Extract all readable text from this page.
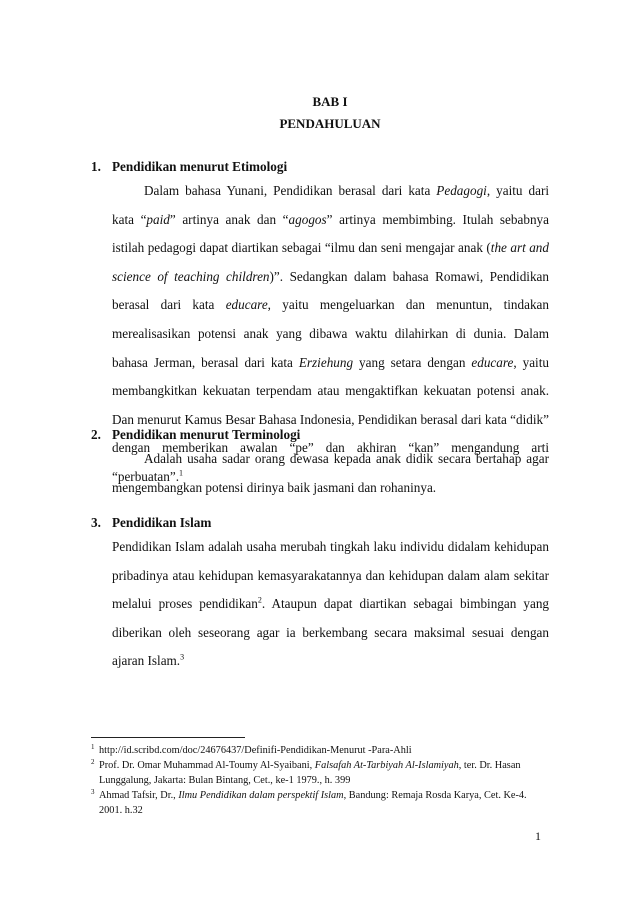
BAB I
PENDAHULUAN
1. Pendidikan menurut Etimologi
Dalam bahasa Yunani, Pendidikan berasal dari kata Pedagogi, yaitu dari kata “paid” artinya anak dan “agogos” artinya membimbing. Itulah sebabnya istilah pedagogi dapat diartikan sebagai “ilmu dan seni mengajar anak (the art and science of teaching children)”. Sedangkan dalam bahasa Romawi, Pendidikan berasal dari kata educare, yaitu mengeluarkan dan menuntun, tindakan merealisasikan potensi anak yang dibawa waktu dilahirkan di dunia. Dalam bahasa Jerman, berasal dari kata Erziehung yang setara dengan educare, yaitu membangkitkan kekuatan terpendam atau mengaktifkan kekuatan potensi anak. Dan menurut Kamus Besar Bahasa Indonesia, Pendidikan berasal dari kata “didik” dengan memberikan awalan “pe” dan akhiran “kan” mengandung arti “perbuatan”.$^1$
2. Pendidikan menurut Terminologi
Adalah usaha sadar orang dewasa kepada anak didik secara bertahap agar mengembangkan potensi dirinya baik jasmani dan rohaninya.
3. Pendidikan Islam
Pendidikan Islam adalah usaha merubah tingkah laku individu didalam kehidupan pribadinya atau kehidupan kemasyarakatannya dan kehidupan dalam alam sekitar melalui proses pendidikan$^2$. Ataupun dapat diartikan sebagai bimbingan yang diberikan oleh seseorang agar ia berkembang secara maksimal sesuai dengan ajaran Islam.$^3$
1 http://id.scribd.com/doc/24676437/Definifi-Pendidikan-Menurut -Para-Ahli
2 Prof. Dr. Omar Muhammad Al-Toumy Al-Syaibani, Falsafah At-Tarbiyah Al-Islamiyah, ter. Dr. Hasan Lunggalung, Jakarta: Bulan Bintang, Cet., ke-1 1979., h. 399
3 Ahmad Tafsir, Dr., Ilmu Pendidikan dalam perspektif Islam, Bandung: Remaja Rosda Karya, Cet. Ke-4. 2001. h.32
1
